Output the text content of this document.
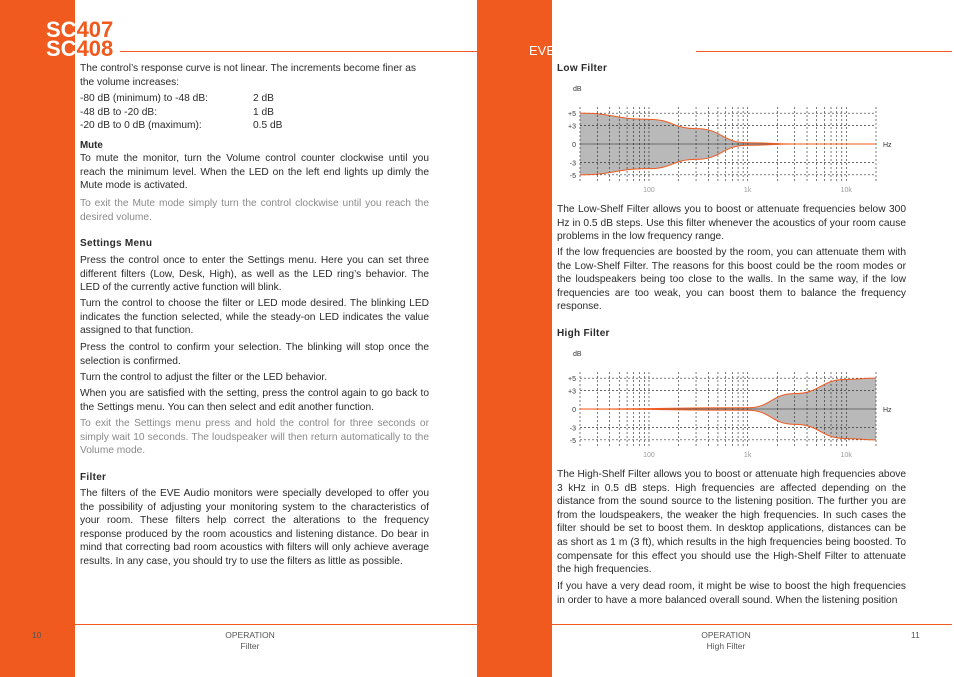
SC407
SC408	EVE Audio product manual
The control’s response curve is not linear. The increments become finer as the volume increases:
-80 dB (minimum) to -48 dB:	2 dB
-48 dB to -20 dB:	1 dB
-20 dB to 0 dB (maximum):	0.5 dB
•	Mute
To mute the monitor, turn the Volume control counter clockwise until you reach the minimum level. When the LED on the left end lights up dimly the Mute mode is activated.
!	To exit the Mute mode simply turn the control clockwise until you reach the desired volume.
3.7. Settings Menu
Press the control once to enter the Settings menu. Here you can set three different filters (Low, Desk, High), as well as the LED ring’s behavior. The LED of the currently active function will blink.
Turn the control to choose the filter or LED mode desired. The blinking LED indicates the function selected, while the steady-on LED indicates the value assigned to that function.
Press the control to confirm your selection. The blinking will stop once the selection is confirmed.
Turn the control to adjust the filter or the LED behavior.
When you are satisfied with the setting, press the control again to go back to the Settings menu. You can then select and edit another function.
!	To exit the Settings menu press and hold the control for three seconds or simply wait 10 seconds. The loudspeaker will then return automatically to the Volume mode.
3.8. Filter
The filters of the EVE Audio monitors were specially developed to offer you the possibility of adjusting your monitoring system to the characteristics of your room. These filters help correct the alterations to the frequency response produced by the room acoustics and listening distance. Do bear in mind that correcting bad room acoustics with filters will only achieve average results. In any case, you should try to use the filters as little as possible.
3.9. Low Filter
+5
+3
0
-3
-5
dB
Hz
100	1k	10k
The Low-Shelf Filter allows you to boost or attenuate frequencies below 300 Hz in 0.5 dB steps. Use this filter whenever the acoustics of your room cause problems in the low frequency range.
If the low frequencies are boosted by the room, you can attenuate them with the Low-Shelf Filter. The reasons for this boost could be the room modes or the loudspeakers being too close to the walls. In the same way, if the low frequencies are too weak, you can boost them to balance the frequency response.
3.10. High Filter
+5
+3
0
-3
-5
dB
Hz
100	1k	10k
The High-Shelf Filter allows you to boost or attenuate high frequencies above 3 kHz in 0.5 dB steps. High frequencies are affected depending on the distance from the sound source to the listening position. The further you are from the loudspeakers, the weaker the high frequencies. In such cases the filter should be set to boost them. In desktop applications, distances can be as short as 1 m (3 ft), which results in the high frequencies being boosted. To compensate for this effect you should use the High-Shelf Filter to attenuate the high frequencies.
If you have a very dead room, it might be wise to boost the high frequencies in order to have a more balanced overall sound. When the listening position
10	OPERATION
Filter
OPERATION
High Filter
11
